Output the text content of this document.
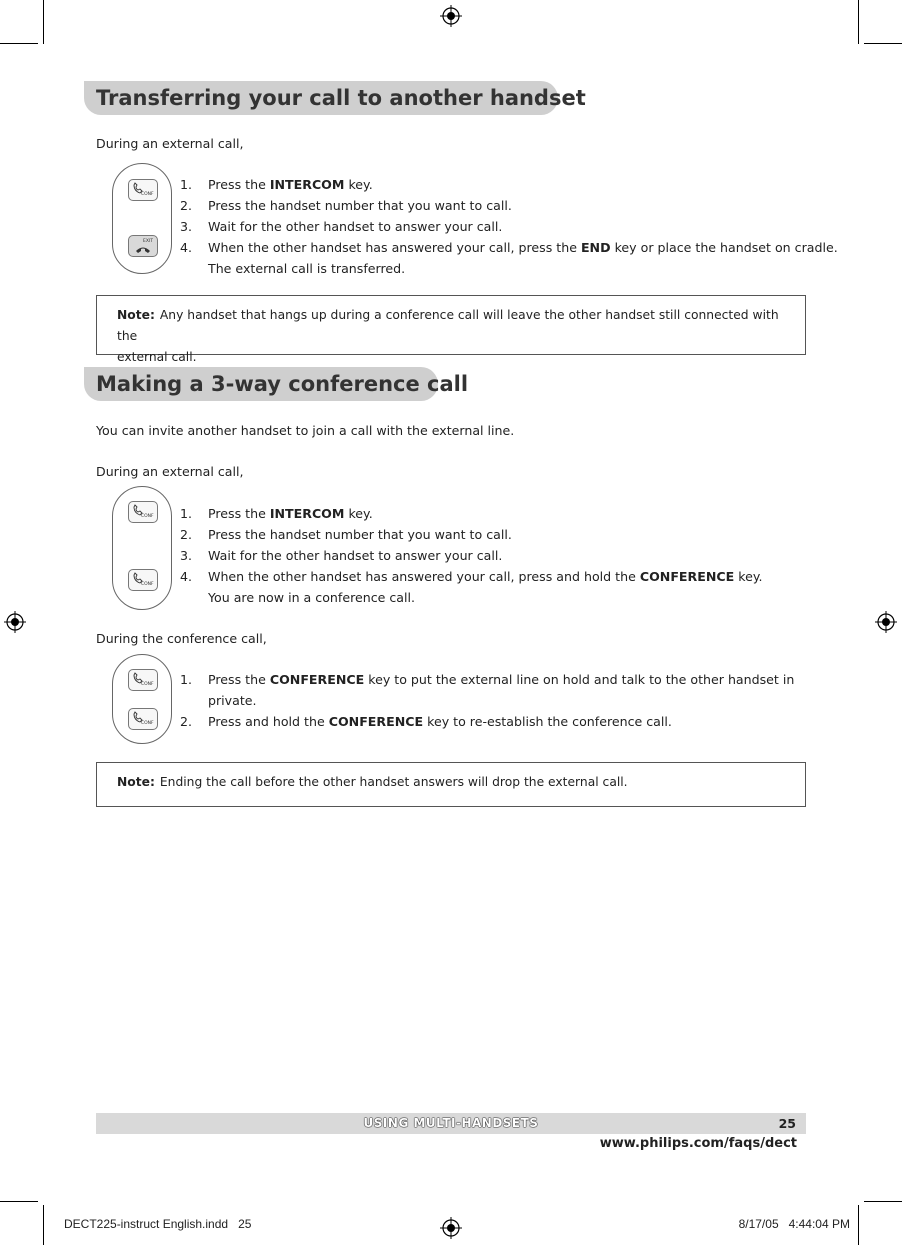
Transferring your call to another handset
During an external call,
CONF
EXIT
1. Press the INTERCOM key.
2. Press the handset number that you want to call.
3. Wait for the other handset to answer your call.
4. When the other handset has answered your call, press the END key or place the handset on cradle.
The external call is transferred.
Note: Any handset that hangs up during a conference call will leave the other handset still connected with the
external call.
Making a 3-way conference call
You can invite another handset to join a call with the external line.
During an external call,
CONF
CONF
1. Press the INTERCOM key.
2. Press the handset number that you want to call.
3. Wait for the other handset to answer your call.
4. When the other handset has answered your call, press and hold the CONFERENCE key.
You are now in a conference call.
During the conference call,
CONF
CONF
1. Press the CONFERENCE key to put the external line on hold and talk to the other handset in
private.
2. Press and hold the CONFERENCE key to re-establish the conference call.
Note: Ending the call before the other handset answers will drop the external call.
USING MULTI-HANDSETS	25
www.philips.com/faqs/dect
DECT225-instruct English.indd   25	8/17/05   4:44:04 PM
